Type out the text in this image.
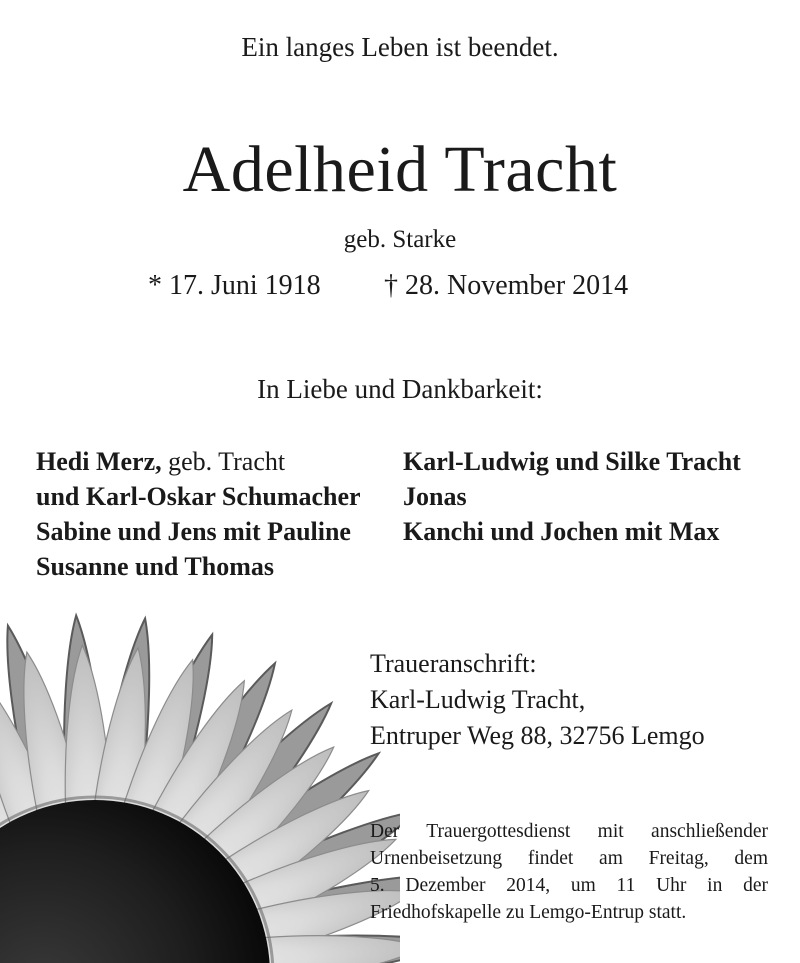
Ein langes Leben ist beendet.
Adelheid Tracht
geb. Starke
* 17. Juni 1918 † 28. November 2014
In Liebe und Dankbarkeit:
Hedi Merz, geb. Tracht
und Karl-Oskar Schumacher
Sabine und Jens mit Pauline
Susanne und Thomas
Karl-Ludwig und Silke Tracht
Jonas
Kanchi und Jochen mit Max
Traueranschrift:
Karl-Ludwig Tracht,
Entruper Weg 88, 32756 Lemgo
Der Trauergottesdienst mit anschließender
Urnenbeisetzung findet am Freitag, dem
5. Dezember 2014, um 11 Uhr in der
Friedhofskapelle zu Lemgo-Entrup statt.
